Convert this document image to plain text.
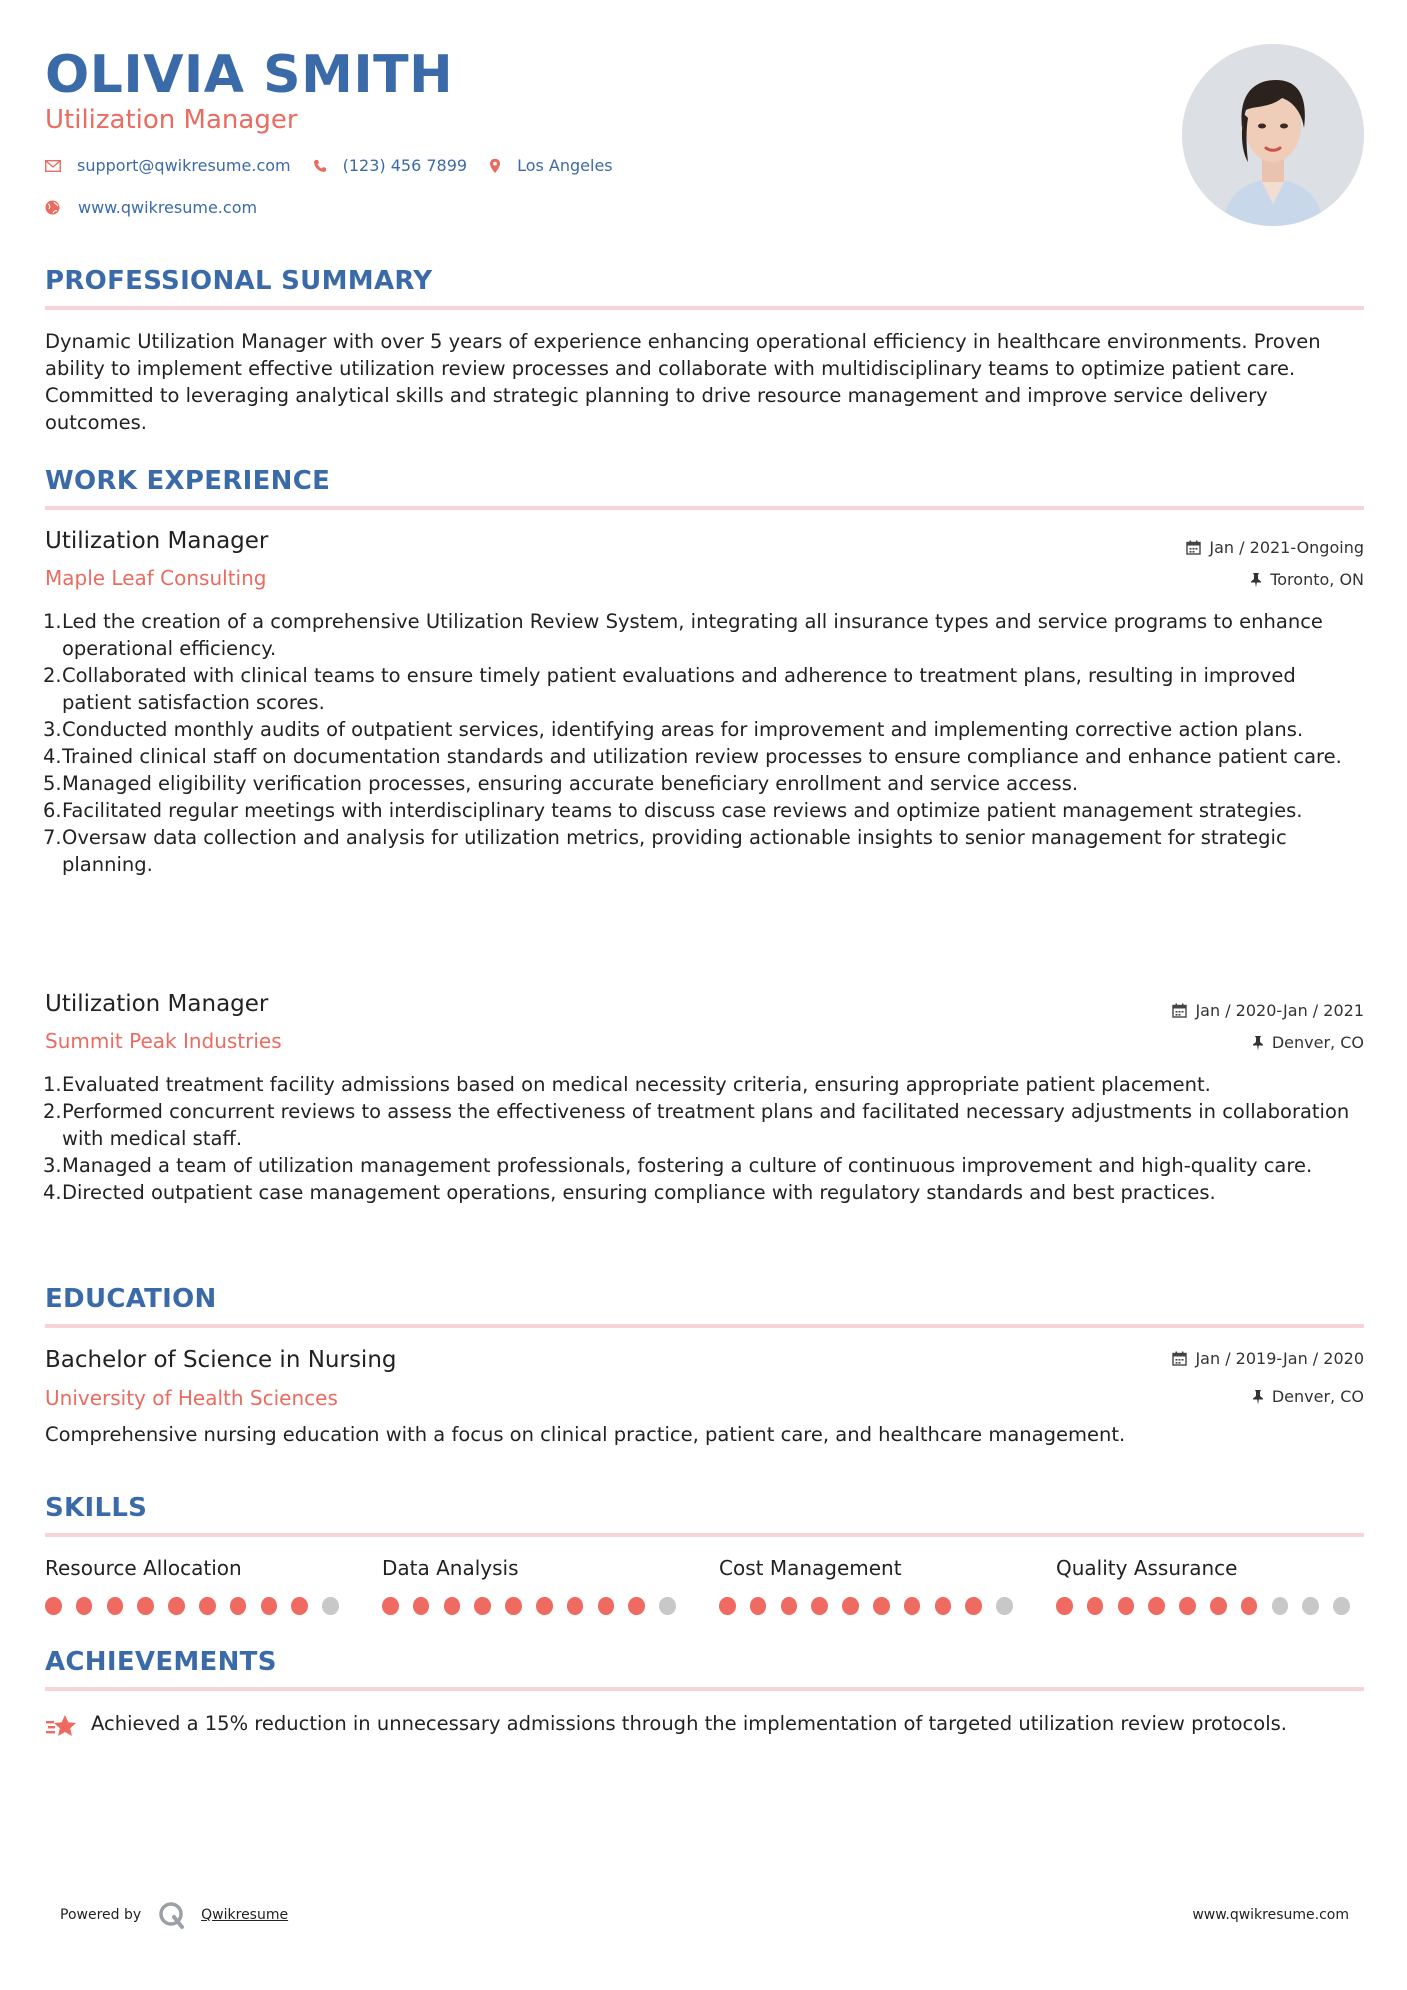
OLIVIA SMITH
Utilization Manager
support@qwikresume.com	(123) 456 7899	Los Angeles
www.qwikresume.com
PROFESSIONAL SUMMARY
Dynamic Utilization Manager with over 5 years of experience enhancing operational efficiency in healthcare environments. Proven ability to implement effective utilization review processes and collaborate with multidisciplinary teams to optimize patient care. Committed to leveraging analytical skills and strategic planning to drive resource management and improve service delivery outcomes.
WORK EXPERIENCE
Utilization Manager	Jan / 2021-Ongoing
Maple Leaf Consulting	Toronto, ON
Led the creation of a comprehensive Utilization Review System, integrating all insurance types and service programs to enhance operational efficiency.
Collaborated with clinical teams to ensure timely patient evaluations and adherence to treatment plans, resulting in improved patient satisfaction scores.
Conducted monthly audits of outpatient services, identifying areas for improvement and implementing corrective action plans.
Trained clinical staff on documentation standards and utilization review processes to ensure compliance and enhance patient care.
Managed eligibility verification processes, ensuring accurate beneficiary enrollment and service access.
Facilitated regular meetings with interdisciplinary teams to discuss case reviews and optimize patient management strategies.
Oversaw data collection and analysis for utilization metrics, providing actionable insights to senior management for strategic planning.
Utilization Manager	Jan / 2020-Jan / 2021
Summit Peak Industries	Denver, CO
Evaluated treatment facility admissions based on medical necessity criteria, ensuring appropriate patient placement.
Performed concurrent reviews to assess the effectiveness of treatment plans and facilitated necessary adjustments in collaboration with medical staff.
Managed a team of utilization management professionals, fostering a culture of continuous improvement and high-quality care.
Directed outpatient case management operations, ensuring compliance with regulatory standards and best practices.
EDUCATION
Bachelor of Science in Nursing	Jan / 2019-Jan / 2020
University of Health Sciences	Denver, CO
Comprehensive nursing education with a focus on clinical practice, patient care, and healthcare management.
SKILLS
Resource Allocation	Data Analysis	Cost Management	Quality Assurance
ACHIEVEMENTS
Achieved a 15% reduction in unnecessary admissions through the implementation of targeted utilization review protocols.
Powered by	Qwikresume	www.qwikresume.com
